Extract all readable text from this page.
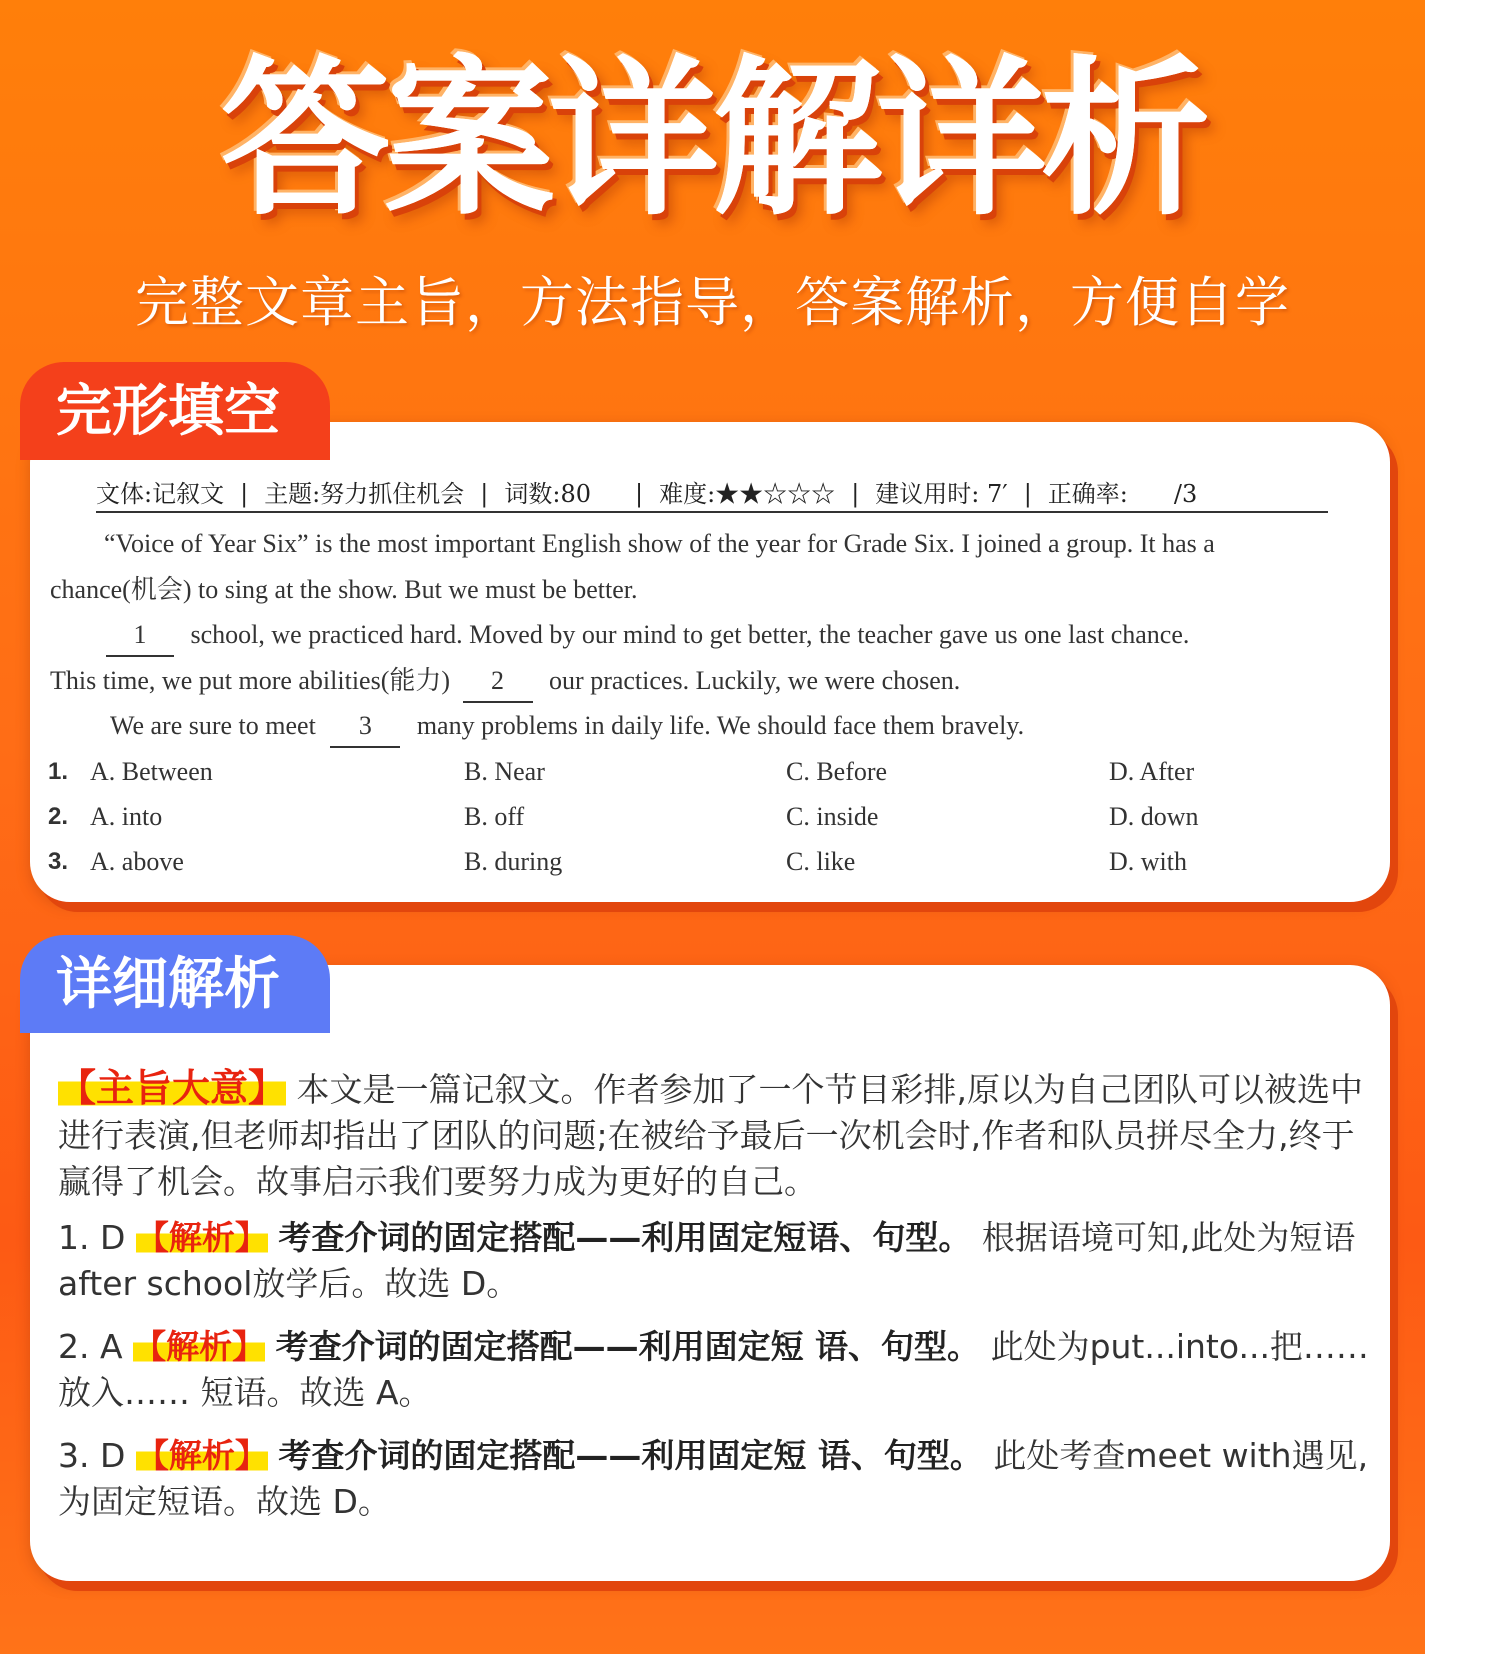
答案详解详析
完整文章主旨，方法指导，答案解析，方便自学
完形填空
文体:记叙文 | 主题:努力抓住机会 | 词数:80	| 难度:★★☆☆☆ | 建议用时: 7′ | 正确率:	/3
“Voice of Year Six” is the most important English show of the year for Grade Six. I joined a group. It has a
chance(机会) to sing at the show. But we must be better.
1 school, we practiced hard. Moved by our mind to get better, the teacher gave us one last chance.
This time, we put more abilities(能力) 2 our practices. Luckily, we were chosen.
We are sure to meet 3 many problems in daily life. We should face them bravely.
1. A. Between	B. Near	C. Before	D. After
2. A. into	B. off	C. inside	D. down
3. A. above	B. during	C. like	D. with
详细解析
【主旨大意】 本文是一篇记叙文。作者参加了一个节目彩排,原以为自己团队可以被选中进行表演,但老师却指出了团队的问题;在被给予最后一次机会时,作者和队员拼尽全力,终于赢得了机会。故事启示我们要努力成为更好的自己。
1. D 【解析】 考查介词的固定搭配——利用固定短语、句型。 根据语境可知,此处为短语after school放学后。故选 D。
2. A 【解析】 考查介词的固定搭配——利用固定短 语、句型。 此处为put...into...把……放入…… 短语。故选 A。
3. D 【解析】 考查介词的固定搭配——利用固定短 语、句型。 此处考查meet with遇见,为固定短语。故选 D。
